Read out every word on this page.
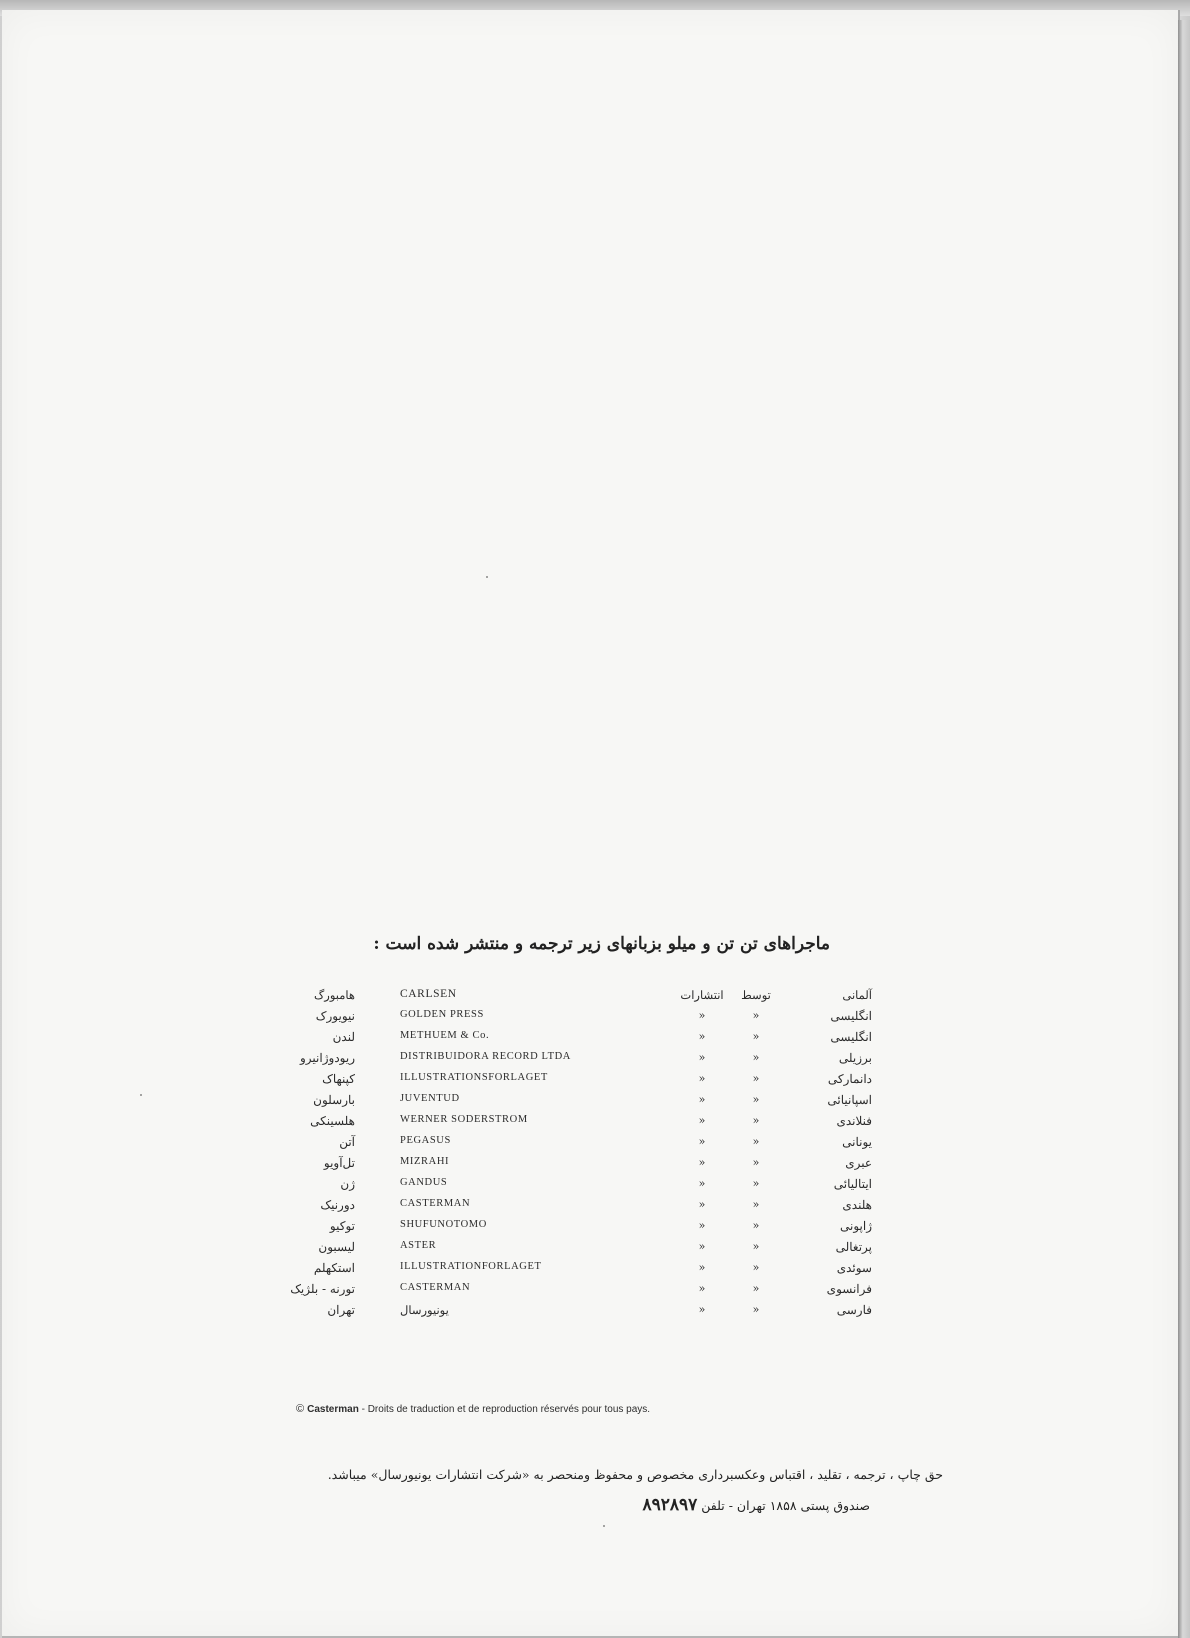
ماجراهای تن تن و میلو بزبانهای زیر ترجمه و منتشر شده است :
آلمانی
توسط
انتشارات
CARLSEN
هامبورگ
انگلیسی
«
«
GOLDEN PRESS
نیویورک
انگلیسی
«
«
METHUEM & Co.
لندن
برزیلی
«
«
DISTRIBUIDORA RECORD LTDA
ریودوژانیرو
دانمارکی
«
«
ILLUSTRATIONSFORLAGET
کپنهاک
اسپانیائی
«
«
JUVENTUD
بارسلون
فنلاندی
«
«
WERNER SODERSTROM
هلسینکی
یونانی
«
«
PEGASUS
آتن
عبری
«
«
MIZRAHI
تل‌آویو
ایتالیائی
«
«
GANDUS
ژن
هلندی
«
«
CASTERMAN
دورنیک
ژاپونی
«
«
SHUFUNOTOMO
توکیو
پرتغالی
«
«
ASTER
لیسبون
سوئدی
«
«
ILLUSTRATIONFORLAGET
استکهلم
فرانسوی
«
«
CASTERMAN
تورنه - بلژیک
فارسی
«
«
یونیورسال
تهران
© Casterman - Droits de traduction et de reproduction réservés pour tous pays.
حق چاپ ، ترجمه ، تقلید ، اقتباس وعکسبرداری مخصوص و محفوظ ومنحصر به «شرکت انتشارات یونیورسال» میباشد.
صندوق پستی ۱۸۵۸ تهران - تلفن ۸۹۲۸۹۷
